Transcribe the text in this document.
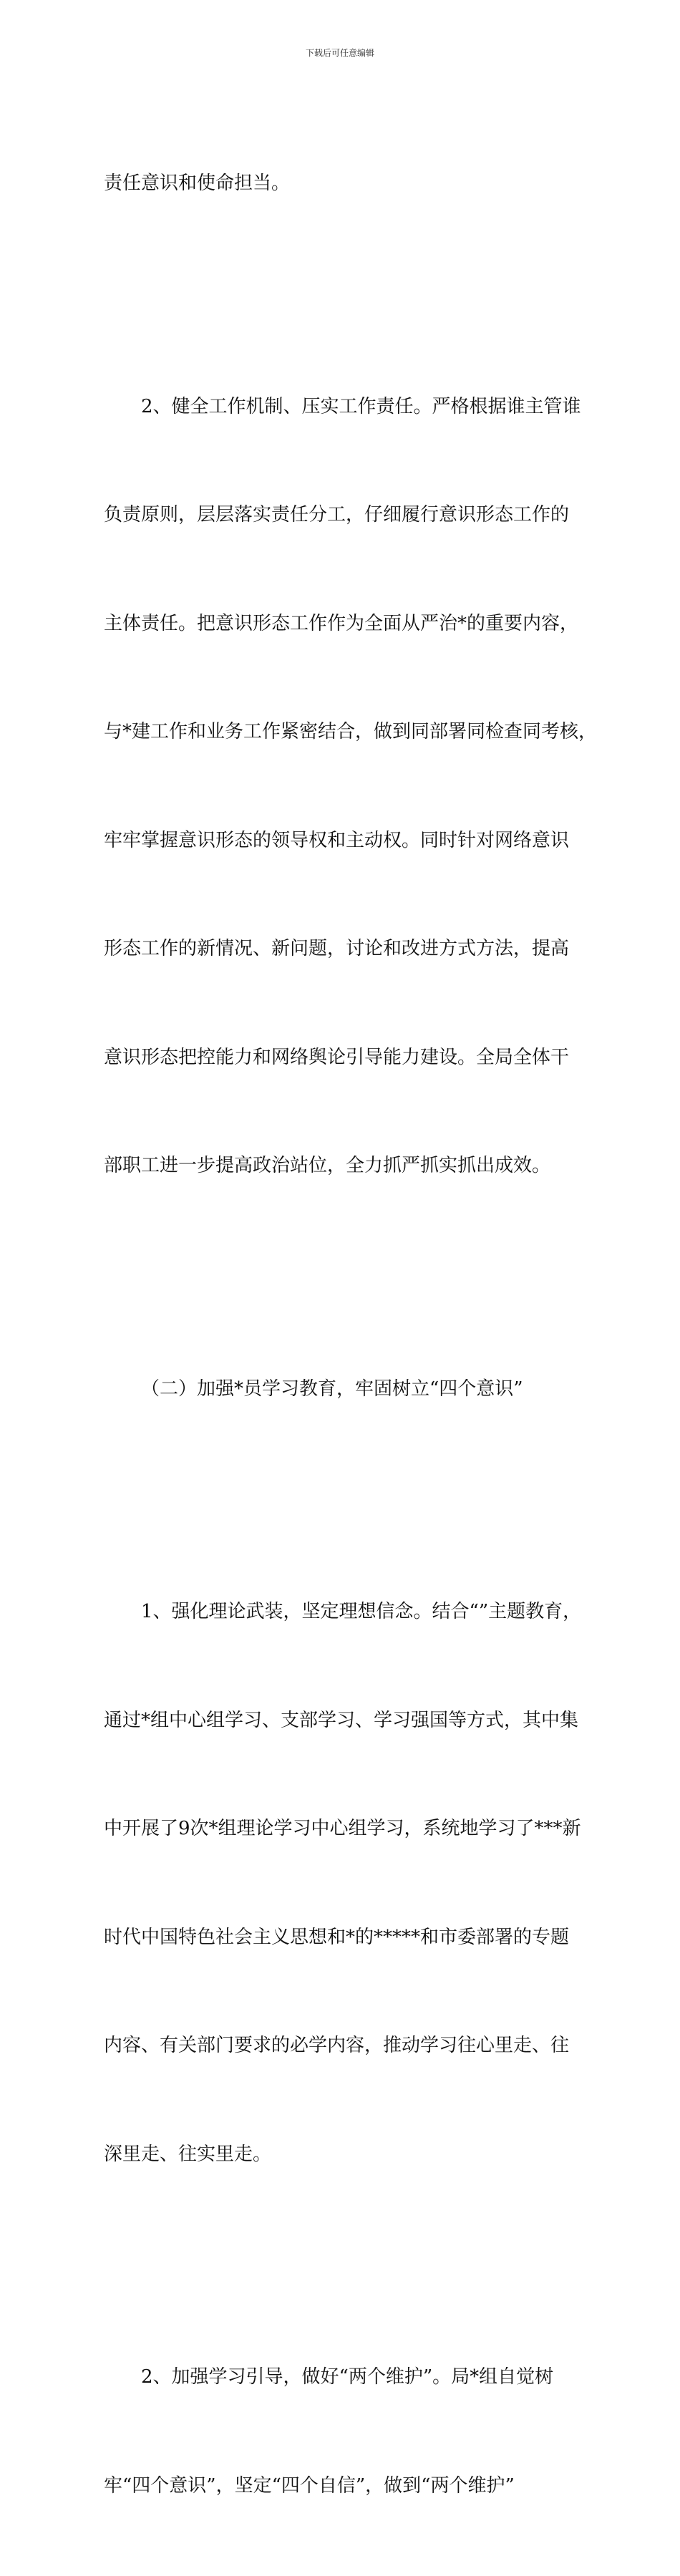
下载后可任意编辑

责任意识和使命担当。

2、健全工作机制、压实工作责任。严格根据谁主管谁

负责原则，层层落实责任分工，仔细履行意识形态工作的

主体责任。把意识形态工作作为全面从严治*的重要内容，

与*建工作和业务工作紧密结合，做到同部署同检查同考核，

牢牢掌握意识形态的领导权和主动权。同时针对网络意识

形态工作的新情况、新问题，讨论和改进方式方法，提高

意识形态把控能力和网络舆论引导能力建设。全局全体干

部职工进一步提高政治站位，全力抓严抓实抓出成效。

（二）加强*员学习教育，牢固树立“四个意识”

1、强化理论武装，坚定理想信念。结合“”主题教育，

通过*组中心组学习、支部学习、学习强国等方式，其中集

中开展了9次*组理论学习中心组学习，系统地学习了***新

时代中国特色社会主义思想和*的*****和市委部署的专题

内容、有关部门要求的必学内容，推动学习往心里走、往

深里走、往实里走。

2、加强学习引导，做好“两个维护”。局*组自觉树

牢“四个意识”，坚定“四个自信”，做到“两个维护”
